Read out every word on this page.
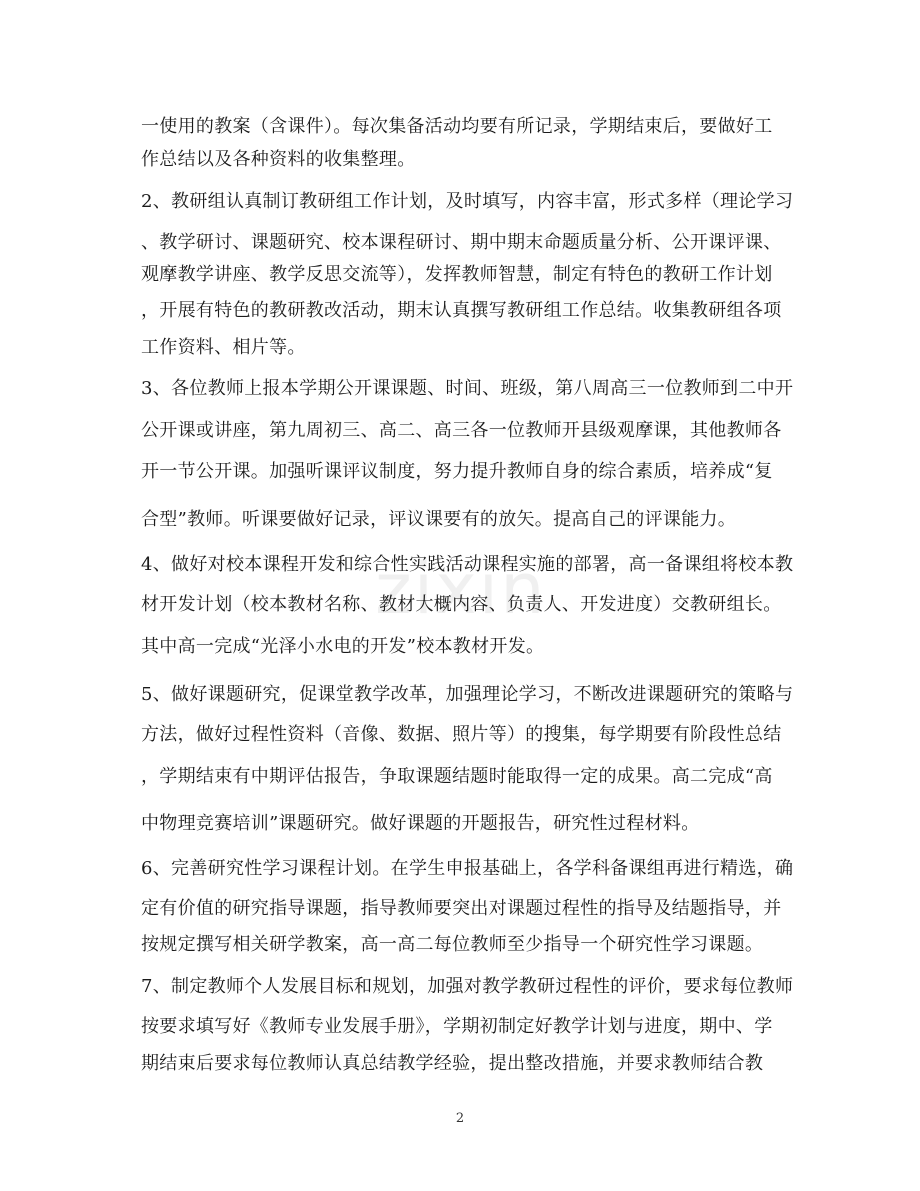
zixin
一使用的教案（含课件）。每次集备活动均要有所记录，学期结束后，要做好工
作总结以及各种资料的收集整理。
2、教研组认真制订教研组工作计划，及时填写，内容丰富，形式多样（理论学习
、教学研讨、课题研究、校本课程研讨、期中期末命题质量分析、公开课评课、
观摩教学讲座、教学反思交流等），发挥教师智慧，制定有特色的教研工作计划
，开展有特色的教研教改活动，期末认真撰写教研组工作总结。收集教研组各项
工作资料、相片等。
3、各位教师上报本学期公开课课题、时间、班级，第八周高三一位教师到二中开
公开课或讲座，第九周初三、高二、高三各一位教师开县级观摩课，其他教师各
开一节公开课。加强听课评议制度，努力提升教师自身的综合素质，培养成“复
合型”教师。听课要做好记录，评议课要有的放矢。提高自己的评课能力。
4、做好对校本课程开发和综合性实践活动课程实施的部署，高一备课组将校本教
材开发计划（校本教材名称、教材大概内容、负责人、开发进度）交教研组长。
其中高一完成“光泽小水电的开发”校本教材开发。
5、做好课题研究，促课堂教学改革，加强理论学习，不断改进课题研究的策略与
方法，做好过程性资料（音像、数据、照片等）的搜集，每学期要有阶段性总结
，学期结束有中期评估报告，争取课题结题时能取得一定的成果。高二完成“高
中物理竞赛培训”课题研究。做好课题的开题报告，研究性过程材料。
6、完善研究性学习课程计划。在学生申报基础上，各学科备课组再进行精选，确
定有价值的研究指导课题，指导教师要突出对课题过程性的指导及结题指导，并
按规定撰写相关研学教案，高一高二每位教师至少指导一个研究性学习课题。
7、制定教师个人发展目标和规划，加强对教学教研过程性的评价，要求每位教师
按要求填写好《教师专业发展手册》，学期初制定好教学计划与进度，期中、学
期结束后要求每位教师认真总结教学经验，提出整改措施，并要求教师结合教
2
